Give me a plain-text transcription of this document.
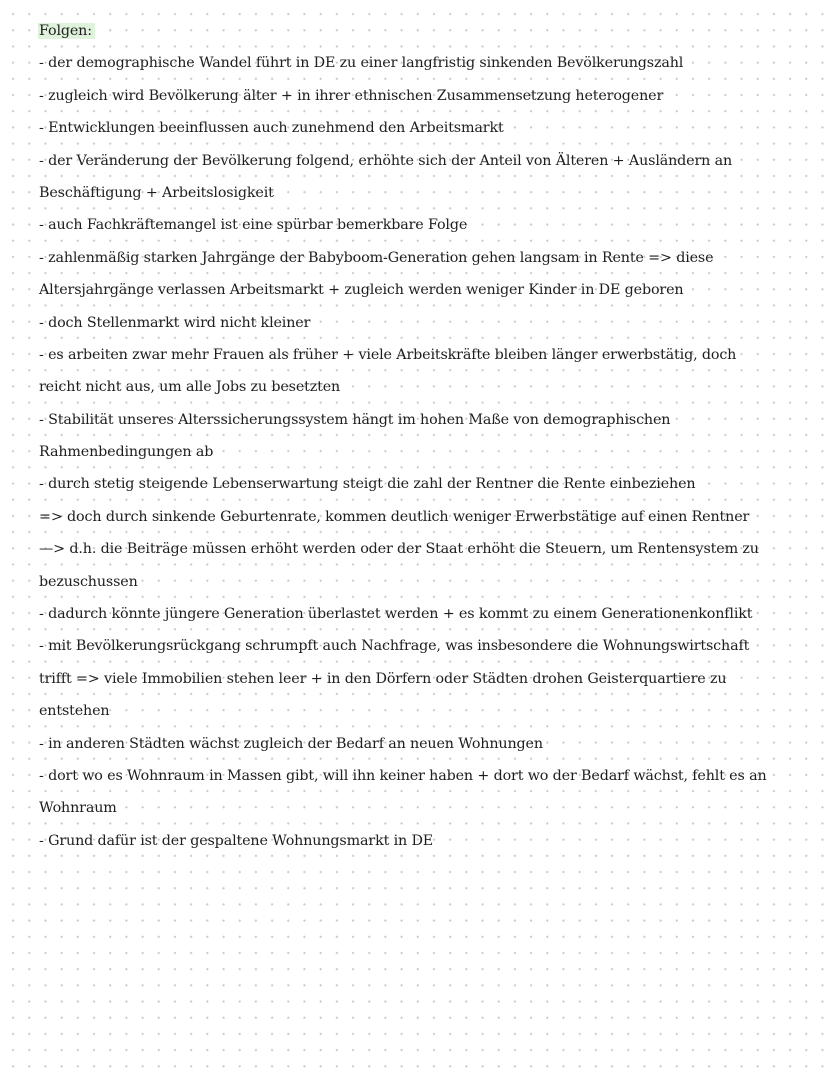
Folgen:
- der demographische Wandel führt in DE zu einer langfristig sinkenden Bevölkerungszahl
- zugleich wird Bevölkerung älter + in ihrer ethnischen Zusammensetzung heterogener
- Entwicklungen beeinflussen auch zunehmend den Arbeitsmarkt
- der Veränderung der Bevölkerung folgend, erhöhte sich der Anteil von Älteren + Ausländern an
Beschäftigung + Arbeitslosigkeit
- auch Fachkräftemangel ist eine spürbar bemerkbare Folge
- zahlenmäßig starken Jahrgänge der Babyboom-Generation gehen langsam in Rente => diese
Altersjahrgänge verlassen Arbeitsmarkt + zugleich werden weniger Kinder in DE geboren
- doch Stellenmarkt wird nicht kleiner
- es arbeiten zwar mehr Frauen als früher + viele Arbeitskräfte bleiben länger erwerbstätig, doch
reicht nicht aus, um alle Jobs zu besetzten
- Stabilität unseres Alterssicherungssystem hängt im hohen Maße von demographischen
Rahmenbedingungen ab
- durch stetig steigende Lebenserwartung steigt die zahl der Rentner die Rente einbeziehen
=> doch durch sinkende Geburtenrate, kommen deutlich weniger Erwerbstätige auf einen Rentner
—> d.h. die Beiträge müssen erhöht werden oder der Staat erhöht die Steuern, um Rentensystem zu
bezuschussen
- dadurch könnte jüngere Generation überlastet werden + es kommt zu einem Generationenkonflikt
- mit Bevölkerungsrückgang schrumpft auch Nachfrage, was insbesondere die Wohnungswirtschaft
trifft => viele Immobilien stehen leer + in den Dörfern oder Städten drohen Geisterquartiere zu
entstehen
- in anderen Städten wächst zugleich der Bedarf an neuen Wohnungen
- dort wo es Wohnraum in Massen gibt, will ihn keiner haben + dort wo der Bedarf wächst, fehlt es an
Wohnraum
- Grund dafür ist der gespaltene Wohnungsmarkt in DE
